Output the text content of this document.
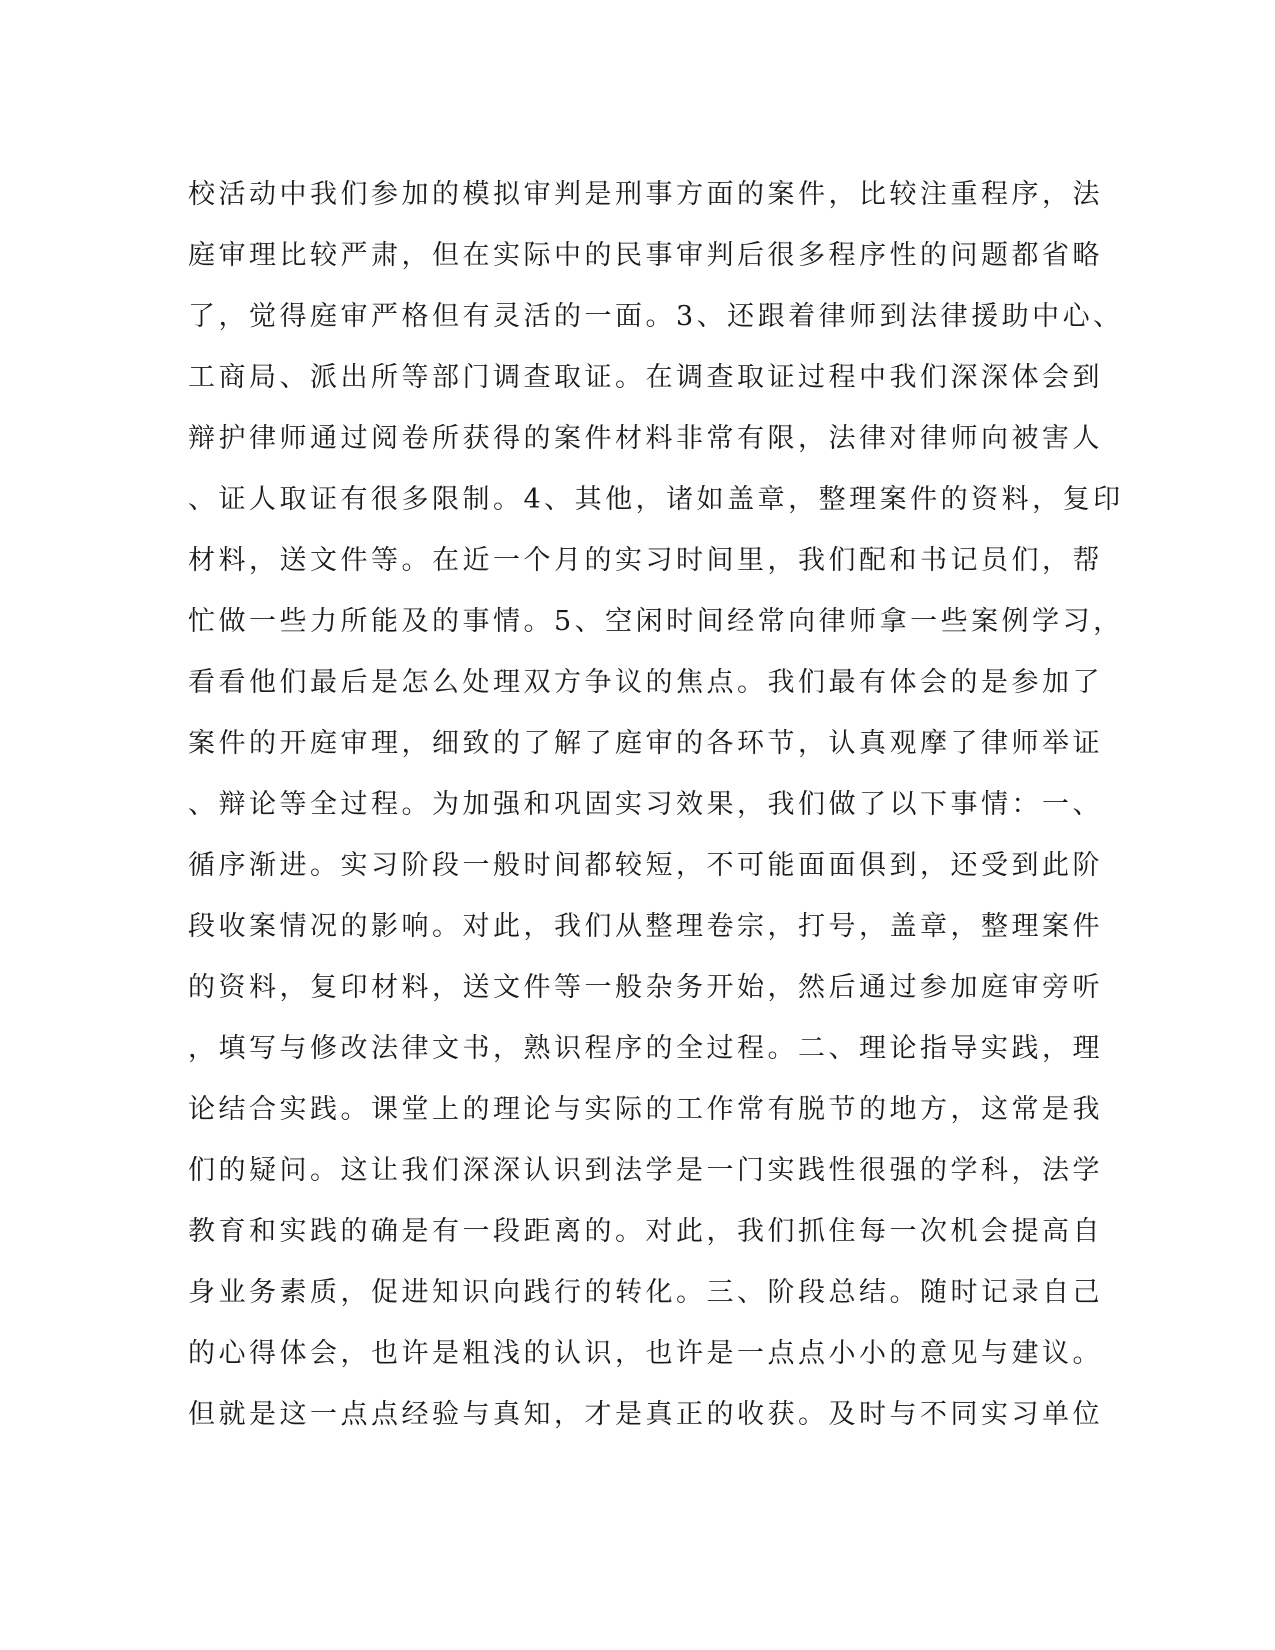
校活动中我们参加的模拟审判是刑事方面的案件，比较注重程序，法
庭审理比较严肃，但在实际中的民事审判后很多程序性的问题都省略
了，觉得庭审严格但有灵活的一面。3、还跟着律师到法律援助中心、
工商局、派出所等部门调查取证。在调查取证过程中我们深深体会到
辩护律师通过阅卷所获得的案件材料非常有限，法律对律师向被害人
、证人取证有很多限制。4、其他，诸如盖章，整理案件的资料，复印
材料，送文件等。在近一个月的实习时间里，我们配和书记员们，帮
忙做一些力所能及的事情。5、空闲时间经常向律师拿一些案例学习，
看看他们最后是怎么处理双方争议的焦点。我们最有体会的是参加了
案件的开庭审理，细致的了解了庭审的各环节，认真观摩了律师举证
、辩论等全过程。为加强和巩固实习效果，我们做了以下事情：一、
循序渐进。实习阶段一般时间都较短，不可能面面俱到，还受到此阶
段收案情况的影响。对此，我们从整理卷宗，打号，盖章，整理案件
的资料，复印材料，送文件等一般杂务开始，然后通过参加庭审旁听
，填写与修改法律文书，熟识程序的全过程。二、理论指导实践，理
论结合实践。课堂上的理论与实际的工作常有脱节的地方，这常是我
们的疑问。这让我们深深认识到法学是一门实践性很强的学科，法学
教育和实践的确是有一段距离的。对此，我们抓住每一次机会提高自
身业务素质，促进知识向践行的转化。三、阶段总结。随时记录自己
的心得体会，也许是粗浅的认识，也许是一点点小小的意见与建议。
但就是这一点点经验与真知，才是真正的收获。及时与不同实习单位
